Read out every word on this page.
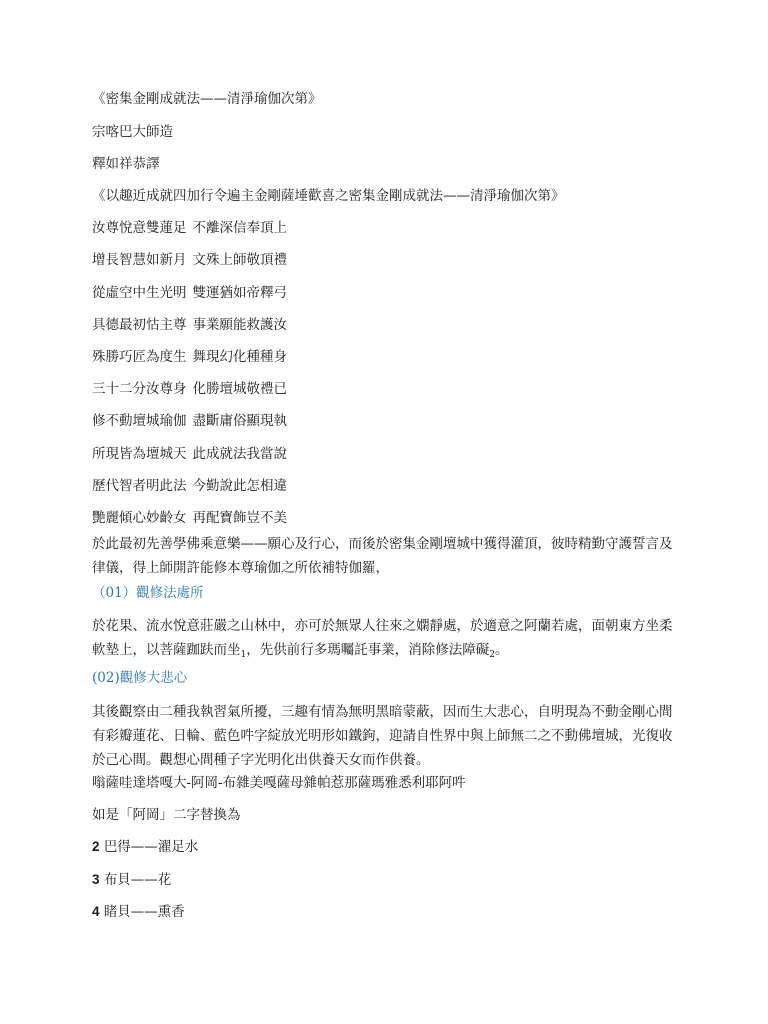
《密集金剛成就法——清淨瑜伽次第》
宗喀巴大師造
釋如祥恭譯
《以趣近成就四加行令遍主金剛薩埵歡喜之密集金剛成就法——清淨瑜伽次第》
汝尊悅意雙蓮足 不離深信奉頂上
增長智慧如新月 文殊上師敬頂禮
從虛空中生光明 雙運猶如帝釋弓
具德最初怙主尊 事業願能救護汝
殊勝巧匠為度生 舞現幻化種種身
三十二分汝尊身 化勝壇城敬禮已
修不動壇城瑜伽 盡斷庸俗顯現執
所現皆為壇城天 此成就法我當說
歷代智者明此法 今勤說此怎相違
艷麗傾心妙齡女 再配寶飾豈不美
於此最初先善學佛乘意樂——願心及行心，而後於密集金剛壇城中獲得灌頂，彼時精勤守護誓言及律儀，得上師開許能修本尊瑜伽之所依補特伽羅，
（01）觀修法處所
於花果、流水悅意莊嚴之山林中，亦可於無眾人往來之嫻靜處，於適意之阿蘭若處，面朝東方坐柔軟墊上，以菩薩跏趺而坐$_1$，先供前行多瑪囑託事業，消除修法障礙$_2$。
(02)觀修大悲心
其後觀察由二種我執習氣所擾，三趣有情為無明黑暗蒙蔽，因而生大悲心，自明現為不動金剛心間有彩瓣蓮花、日輪、藍色吽字綻放光明形如鐵鉤，迎請自性界中與上師無二之不動佛壇城，光復收於己心間。觀想心間種子字光明化出供養天女而作供養。
嗡薩哇達塔嘎大-阿岡-布雜美嘎薩母雜帕惹那薩瑪雅悉利耶阿吽
如是「阿岡」二字替換為
2 巴得——濯足水
3 布貝——花
4 睹貝——熏香
